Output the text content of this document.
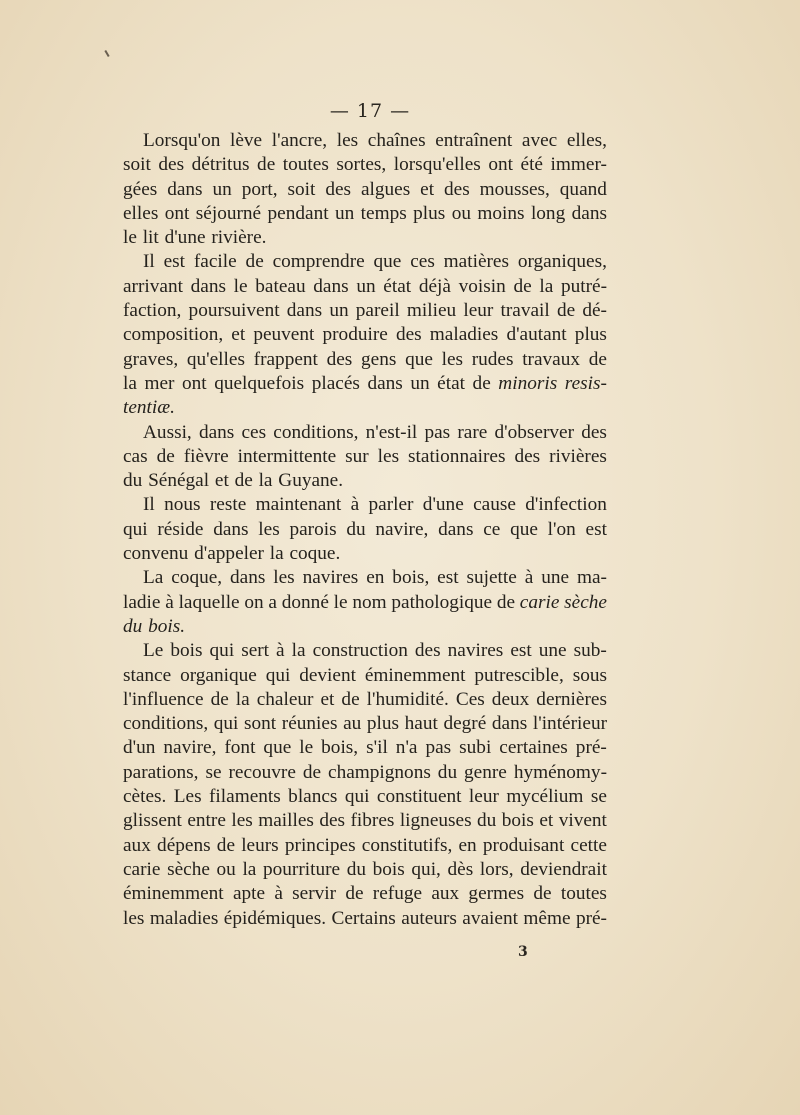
— 17 —
Lorsqu'on lève l'ancre, les chaînes entraînent avec elles,
soit des détritus de toutes sortes, lorsqu'elles ont été immer-
gées dans un port, soit des algues et des mousses, quand
elles ont séjourné pendant un temps plus ou moins long dans
le lit d'une rivière.
Il est facile de comprendre que ces matières organiques,
arrivant dans le bateau dans un état déjà voisin de la putré-
faction, poursuivent dans un pareil milieu leur travail de dé-
composition, et peuvent produire des maladies d'autant plus
graves, qu'elles frappent des gens que les rudes travaux de
la mer ont quelquefois placés dans un état de minoris resis-
tentiæ.
Aussi, dans ces conditions, n'est-il pas rare d'observer des
cas de fièvre intermittente sur les stationnaires des rivières
du Sénégal et de la Guyane.
Il nous reste maintenant à parler d'une cause d'infection
qui réside dans les parois du navire, dans ce que l'on est
convenu d'appeler la coque.
La coque, dans les navires en bois, est sujette à une ma-
ladie à laquelle on a donné le nom pathologique de carie sèche
du bois.
Le bois qui sert à la construction des navires est une sub-
stance organique qui devient éminemment putrescible, sous
l'influence de la chaleur et de l'humidité. Ces deux dernières
conditions, qui sont réunies au plus haut degré dans l'intérieur
d'un navire, font que le bois, s'il n'a pas subi certaines pré-
parations, se recouvre de champignons du genre hyménomy-
cètes. Les filaments blancs qui constituent leur mycélium se
glissent entre les mailles des fibres ligneuses du bois et vivent
aux dépens de leurs principes constitutifs, en produisant cette
carie sèche ou la pourriture du bois qui, dès lors, deviendrait
éminemment apte à servir de refuge aux germes de toutes
les maladies épidémiques. Certains auteurs avaient même pré-
3
